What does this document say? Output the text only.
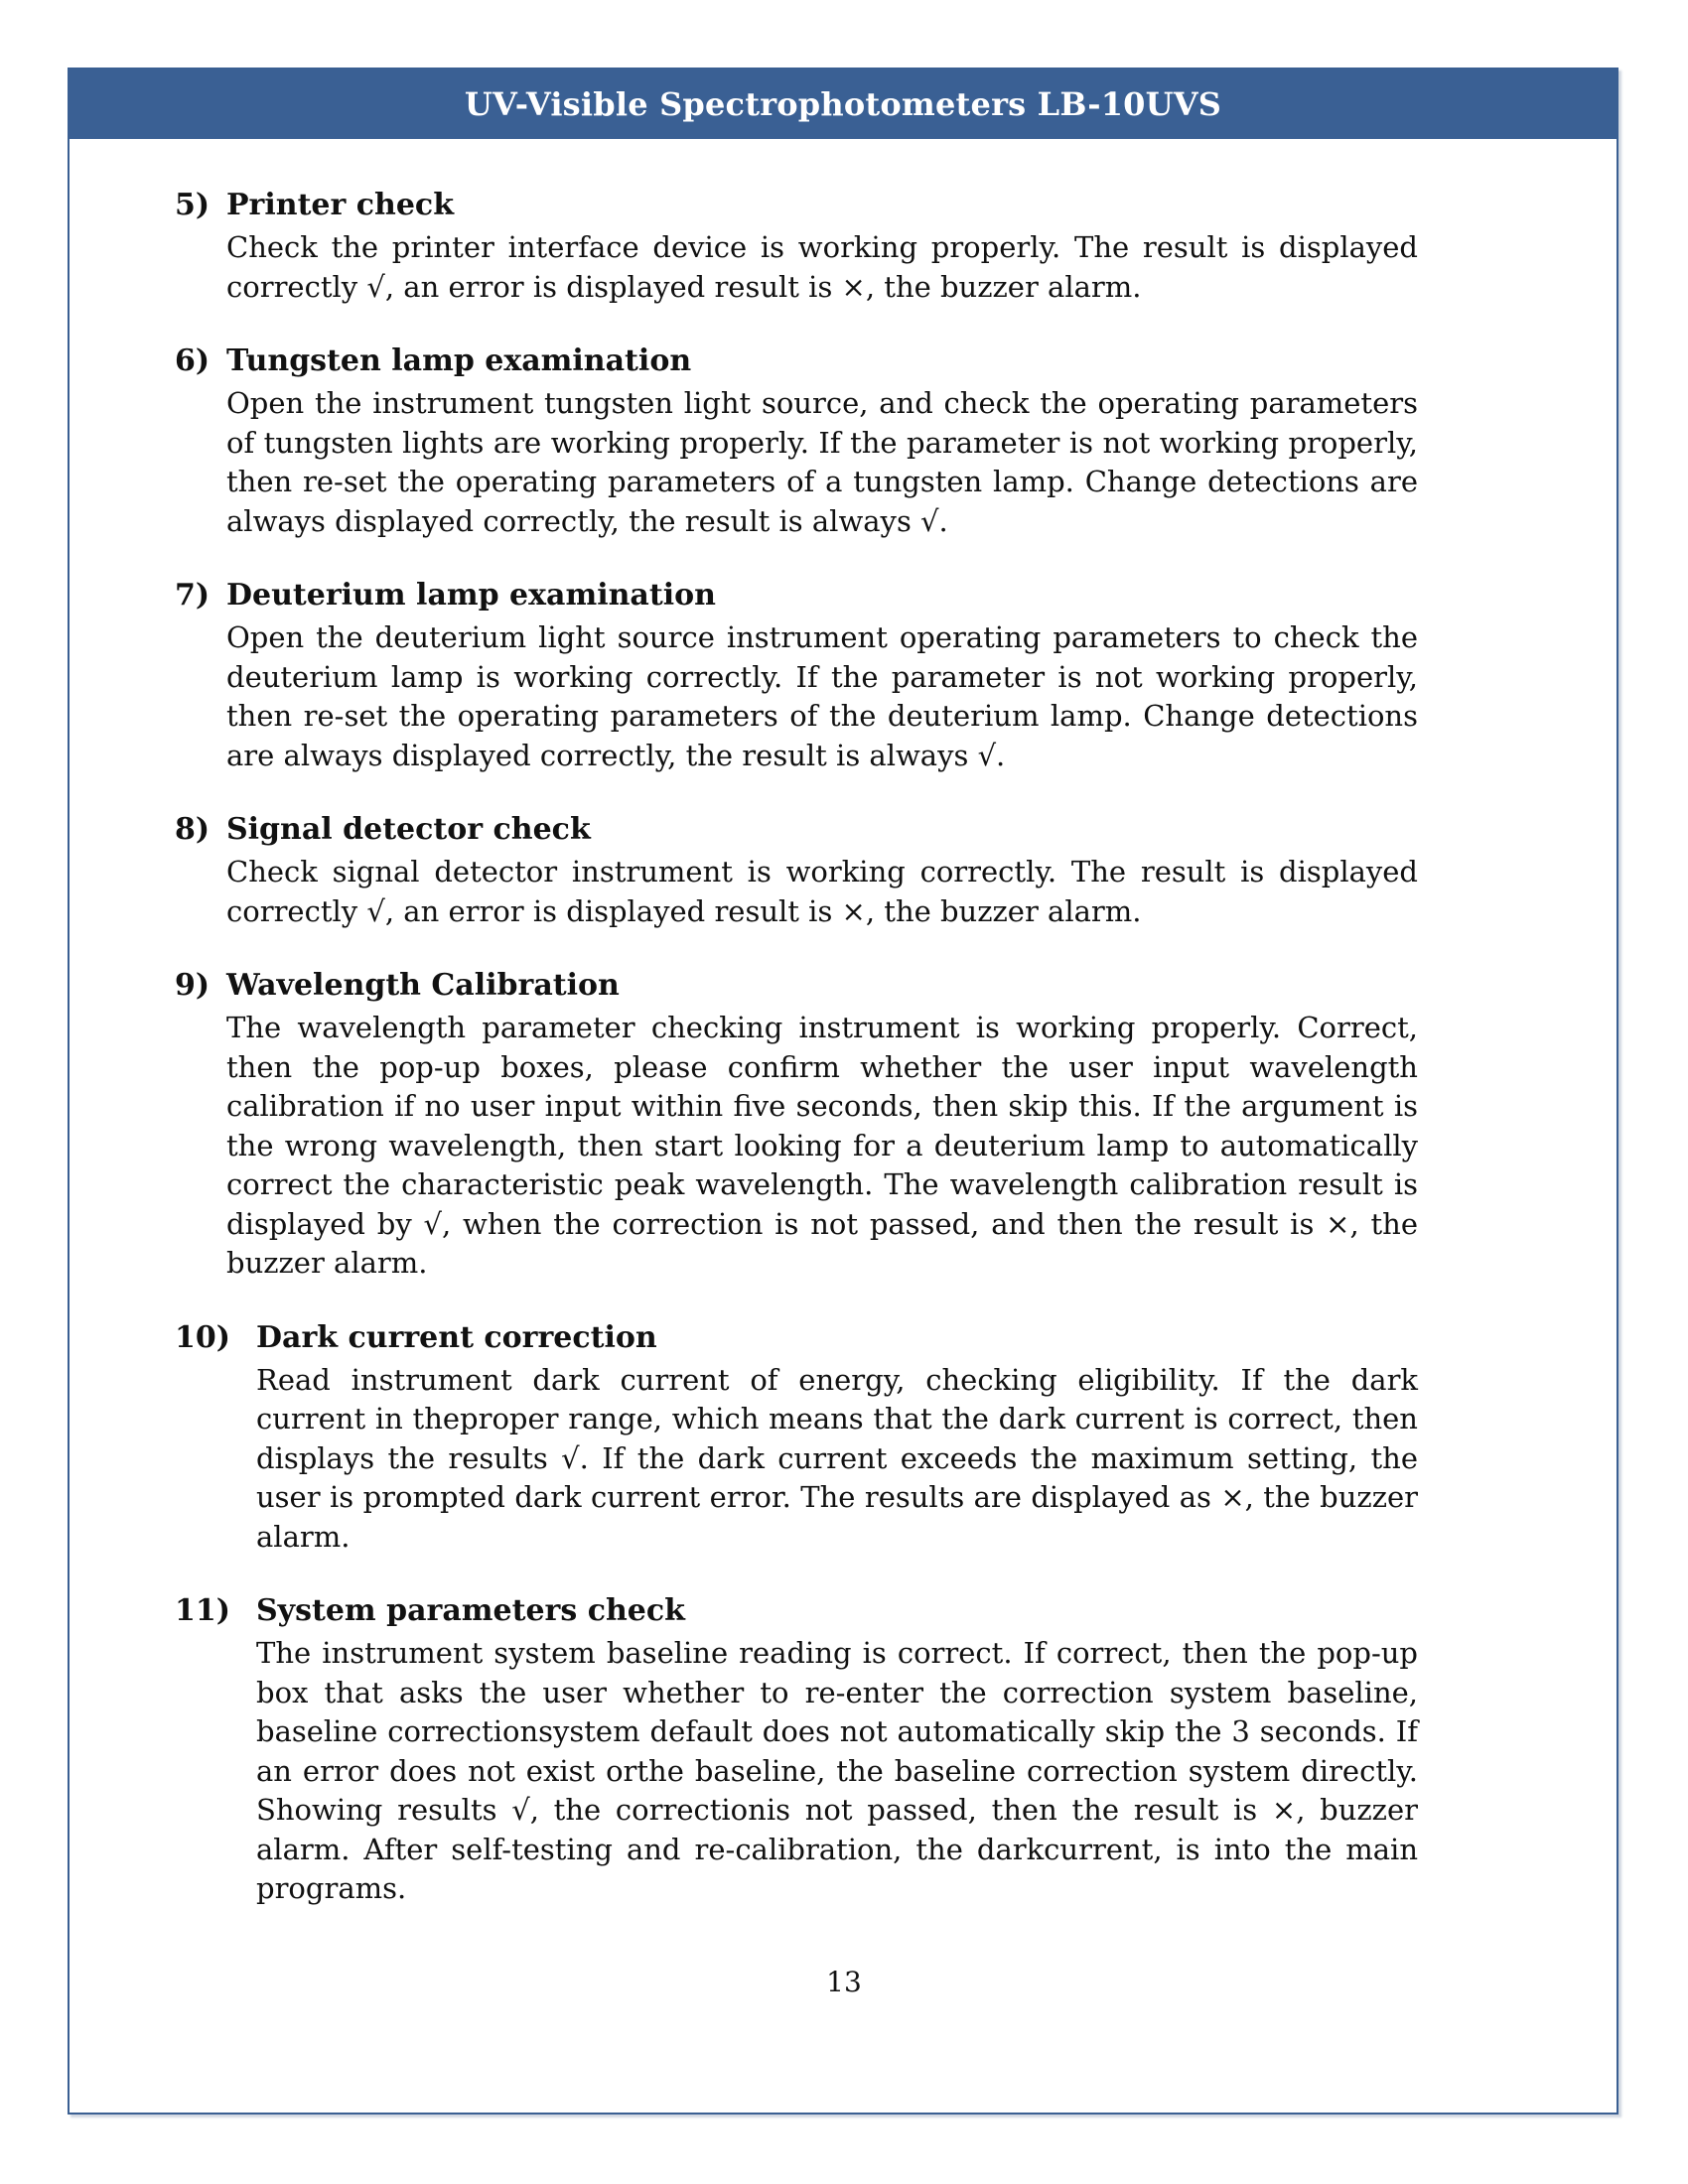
UV-Visible Spectrophotometers LB-10UVS
5) Printer check

Check the printer interface device is working properly. The result is displayed correctly √, an error is displayed result is ×, the buzzer alarm.

6) Tungsten lamp examination

Open the instrument tungsten light source, and check the operating parameters of tungsten lights are working properly. If the parameter is not working properly, then re-set the operating parameters of a tungsten lamp. Change detections are always displayed correctly, the result is always √.

7) Deuterium lamp examination

Open the deuterium light source instrument operating parameters to check the deuterium lamp is working correctly. If the parameter is not working properly, then re-set the operating parameters of the deuterium lamp. Change detections are always displayed correctly, the result is always √.

8) Signal detector check

Check signal detector instrument is working correctly. The result is displayed correctly √, an error is displayed result is ×, the buzzer alarm.

9) Wavelength Calibration

The wavelength parameter checking instrument is working properly. Correct, then the pop-up boxes, please confirm whether the user input wavelength calibration if no user input within five seconds, then skip this. If the argument is the wrong wavelength, then start looking for a deuterium lamp to automatically correct the characteristic peak wavelength. The wavelength calibration result is displayed by √, when the correction is not passed, and then the result is ×, the buzzer alarm.

10) Dark current correction

Read instrument dark current of energy, checking eligibility. If the dark current in theproper range, which means that the dark current is correct, then displays the results √. If the dark current exceeds the maximum setting, the user is prompted dark current error. The results are displayed as ×, the buzzer alarm.

11) System parameters check

The instrument system baseline reading is correct. If correct, then the pop-up box that asks the user whether to re-enter the correction system baseline, baseline correctionsystem default does not automatically skip the 3 seconds. If an error does not exist orthe baseline, the baseline correction system directly. Showing results √, the correctionis not passed, then the result is ×, buzzer alarm. After self-testing and re-calibration, the darkcurrent, is into the main programs.

13
